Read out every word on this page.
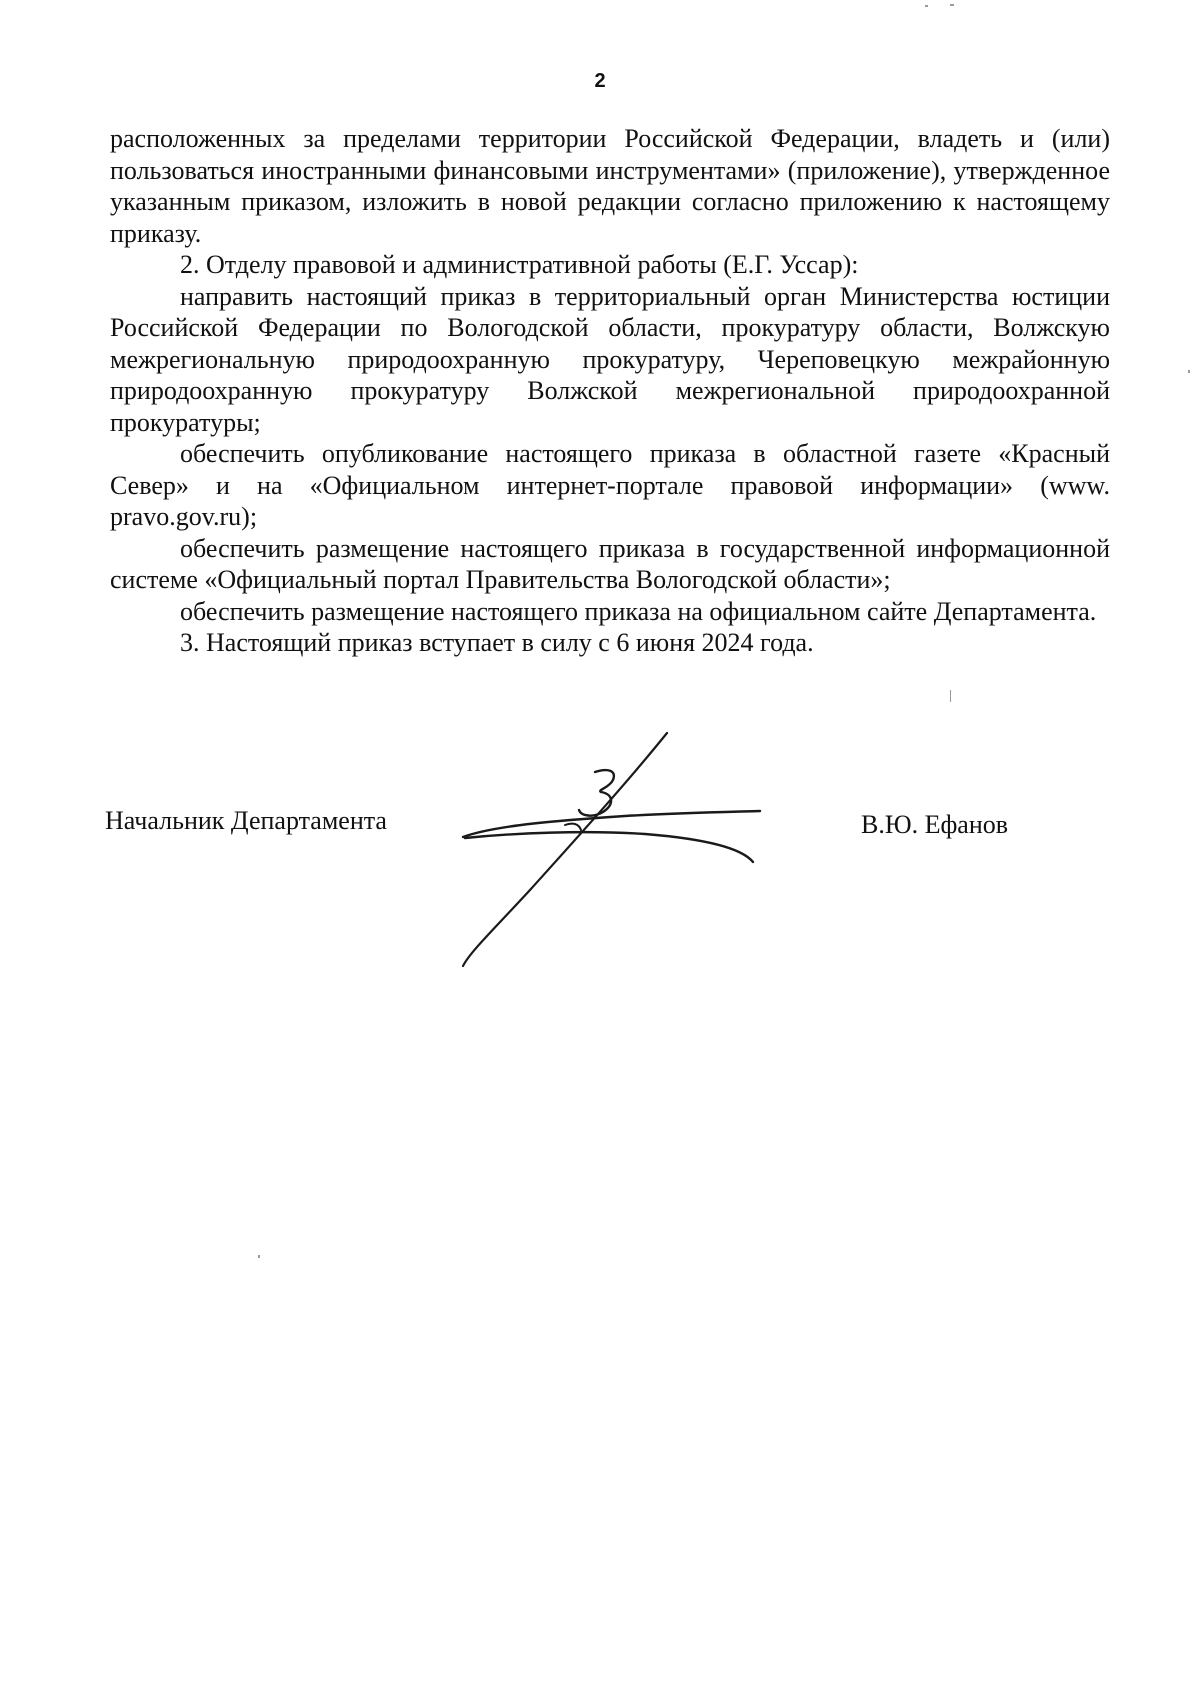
2

расположенных за пределами территории Российской Федерации, владеть и (или) пользоваться иностранными финансовыми инструментами» (приложение), утвержденное указанным приказом, изложить в новой редакции согласно приложению к настоящему приказу.

2. Отделу правовой и административной работы (Е.Г. Уссар):

направить настоящий приказ в территориальный орган Министерства юстиции Российской Федерации по Вологодской области, прокуратуру области, Волжскую межрегиональную природоохранную прокуратуру, Череповецкую межрайонную природоохранную прокуратуру Волжской межрегиональной природоохранной прокуратуры;

обеспечить опубликование настоящего приказа в областной газете «Красный Север» и на «Официальном интернет-портале правовой информации» (www. pravo.gov.ru);

обеспечить размещение настоящего приказа в государственной информационной системе «Официальный портал Правительства Вологодской области»;

обеспечить размещение настоящего приказа на официальном сайте Департамента.

3. Настоящий приказ вступает в силу с 6 июня 2024 года.

Начальник Департамента	В.Ю. Ефанов
